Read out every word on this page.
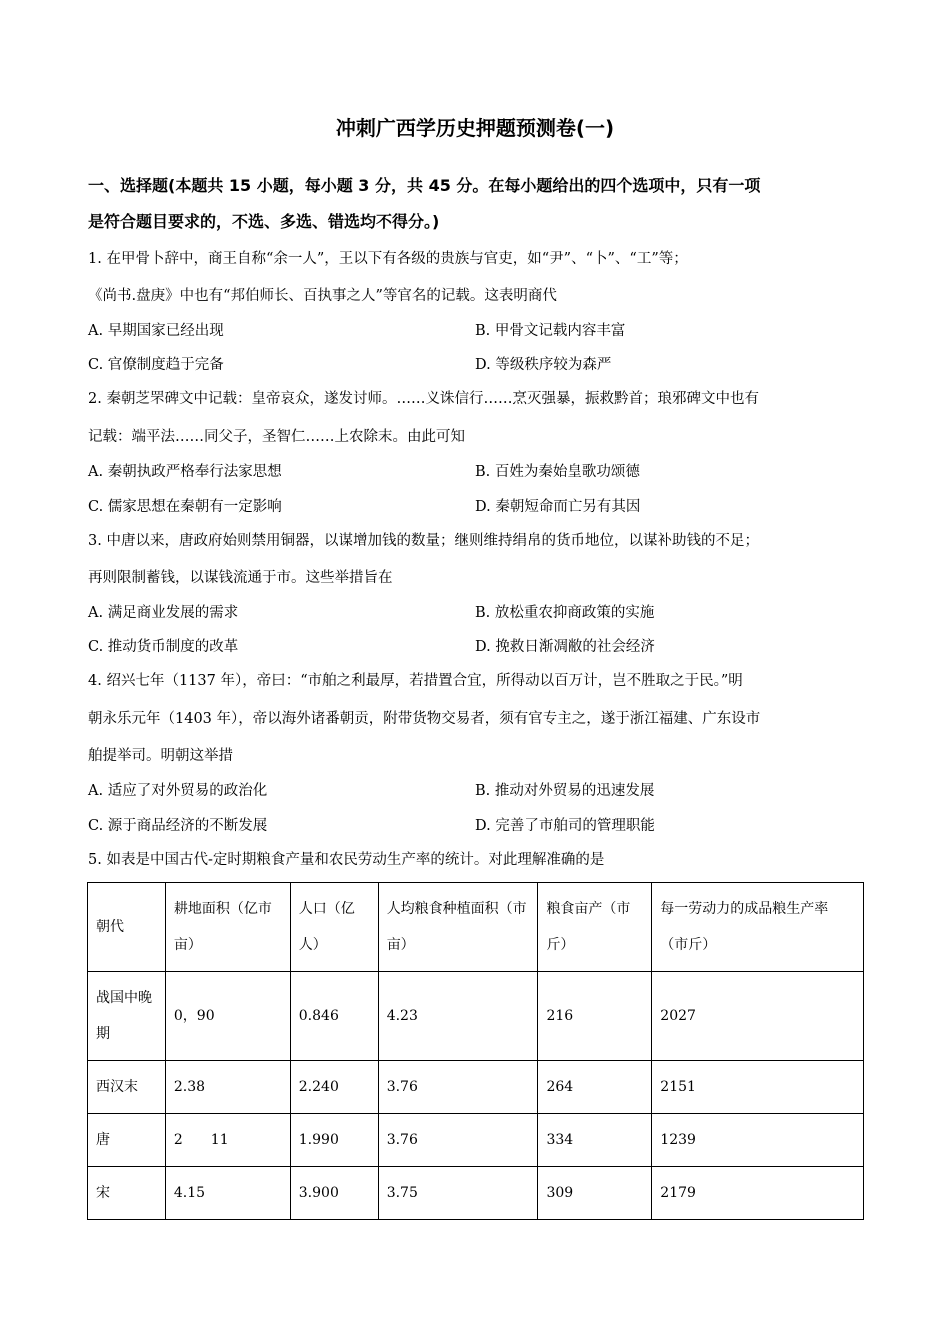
冲刺广西学历史押题预测卷(一)
一、选择题(本题共 15 小题，每小题 3 分，共 45 分。在每小题给出的四个选项中，只有一项
是符合题目要求的，不选、多选、错选均不得分。)
1. 在甲骨卜辞中，商王自称“余一人”，王以下有各级的贵族与官吏，如“尹”、“卜”、“工”等；
《尚书.盘庚》中也有“邦伯师长、百执事之人”等官名的记载。这表明商代
A. 早期国家已经出现	B. 甲骨文记载内容丰富
C. 官僚制度趋于完备	D. 等级秩序较为森严
2. 秦朝芝罘碑文中记载：皇帝哀众，遂发讨师。……义诛信行……烹灭强暴，振救黔首；琅邪碑文中也有
记载：端平法……同父子，圣智仁……上农除末。由此可知
A. 秦朝执政严格奉行法家思想	B. 百姓为秦始皇歌功颂德
C. 儒家思想在秦朝有一定影响	D. 秦朝短命而亡另有其因
3. 中唐以来，唐政府始则禁用铜器，以谋增加钱的数量；继则维持绢帛的货币地位，以谋补助钱的不足；
再则限制蓄钱，以谋钱流通于市。这些举措旨在
A. 满足商业发展的需求	B. 放松重农抑商政策的实施
C. 推动货币制度的改革	D. 挽救日渐凋敝的社会经济
4. 绍兴七年（1137 年），帝曰：“市舶之利最厚，若措置合宜，所得动以百万计，岂不胜取之于民。”明
朝永乐元年（1403 年），帝以海外诸番朝贡，附带货物交易者，须有官专主之，遂于浙江福建、广东设市
舶提举司。明朝这举措
A. 适应了对外贸易的政治化	B. 推动对外贸易的迅速发展
C. 源于商品经济的不断发展	D. 完善了市舶司的管理职能
5. 如表是中国古代-定时期粮食产量和农民劳动生产率的统计。对此理解准确的是
朝代	耕地面积（亿市亩）	人口（亿人）	人均粮食种植面积（市亩）	粮食亩产（市斤）	每一劳动力的成品粮生产率（市斤）
战国中晚期	0，90	0.846	4.23	216	2027
西汉末	2.38	2.240	3.76	264	2151
唐	2　　11	1.990	3.76	334	1239
宋	4.15	3.900	3.75	309	2179
